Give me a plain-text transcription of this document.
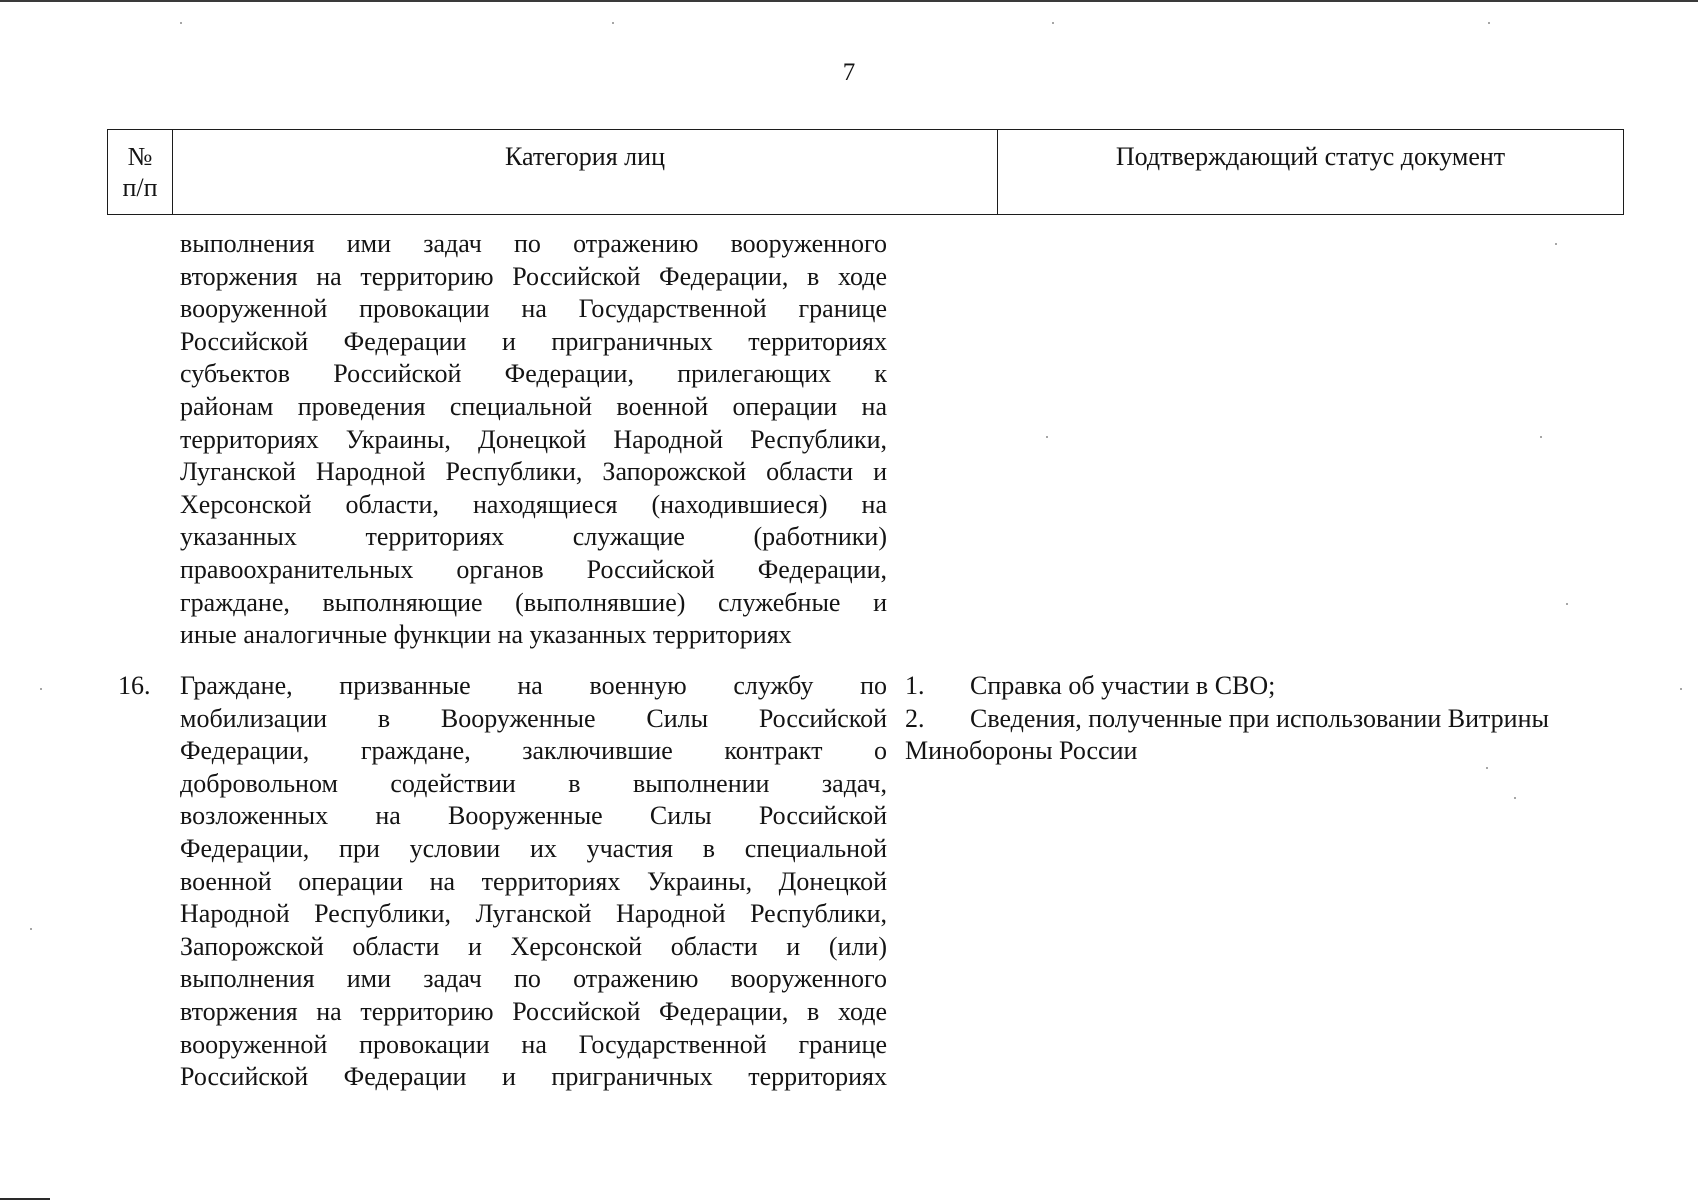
7
№
п/п
Категория лиц	Подтверждающий статус документ
выполнения ими задач по отражению вооруженного
вторжения на территорию Российской Федерации, в ходе
вооруженной провокации на Государственной границе
Российской Федерации и приграничных территориях
субъектов Российской Федерации, прилегающих к
районам проведения специальной военной операции на
территориях Украины, Донецкой Народной Республики,
Луганской Народной Республики, Запорожской области и
Херсонской области, находящиеся (находившиеся) на
указанных территориях служащие (работники)
правоохранительных органов Российской Федерации,
граждане, выполняющие (выполнявшие) служебные и
иные аналогичные функции на указанных территориях
16.	Граждане, призванные на военную службу по
мобилизации в Вооруженные Силы Российской
Федерации, граждане, заключившие контракт о
добровольном содействии в выполнении задач,
возложенных на Вооруженные Силы Российской
Федерации, при условии их участия в специальной
военной операции на территориях Украины, Донецкой
Народной Республики, Луганской Народной Республики,
Запорожской области и Херсонской области и (или)
выполнения ими задач по отражению вооруженного
вторжения на территорию Российской Федерации, в ходе
вооруженной провокации на Государственной границе
Российской Федерации и приграничных территориях
1. Справка об участии в СВО;
2. Сведения, полученные при использовании Витрины
Минобороны России
